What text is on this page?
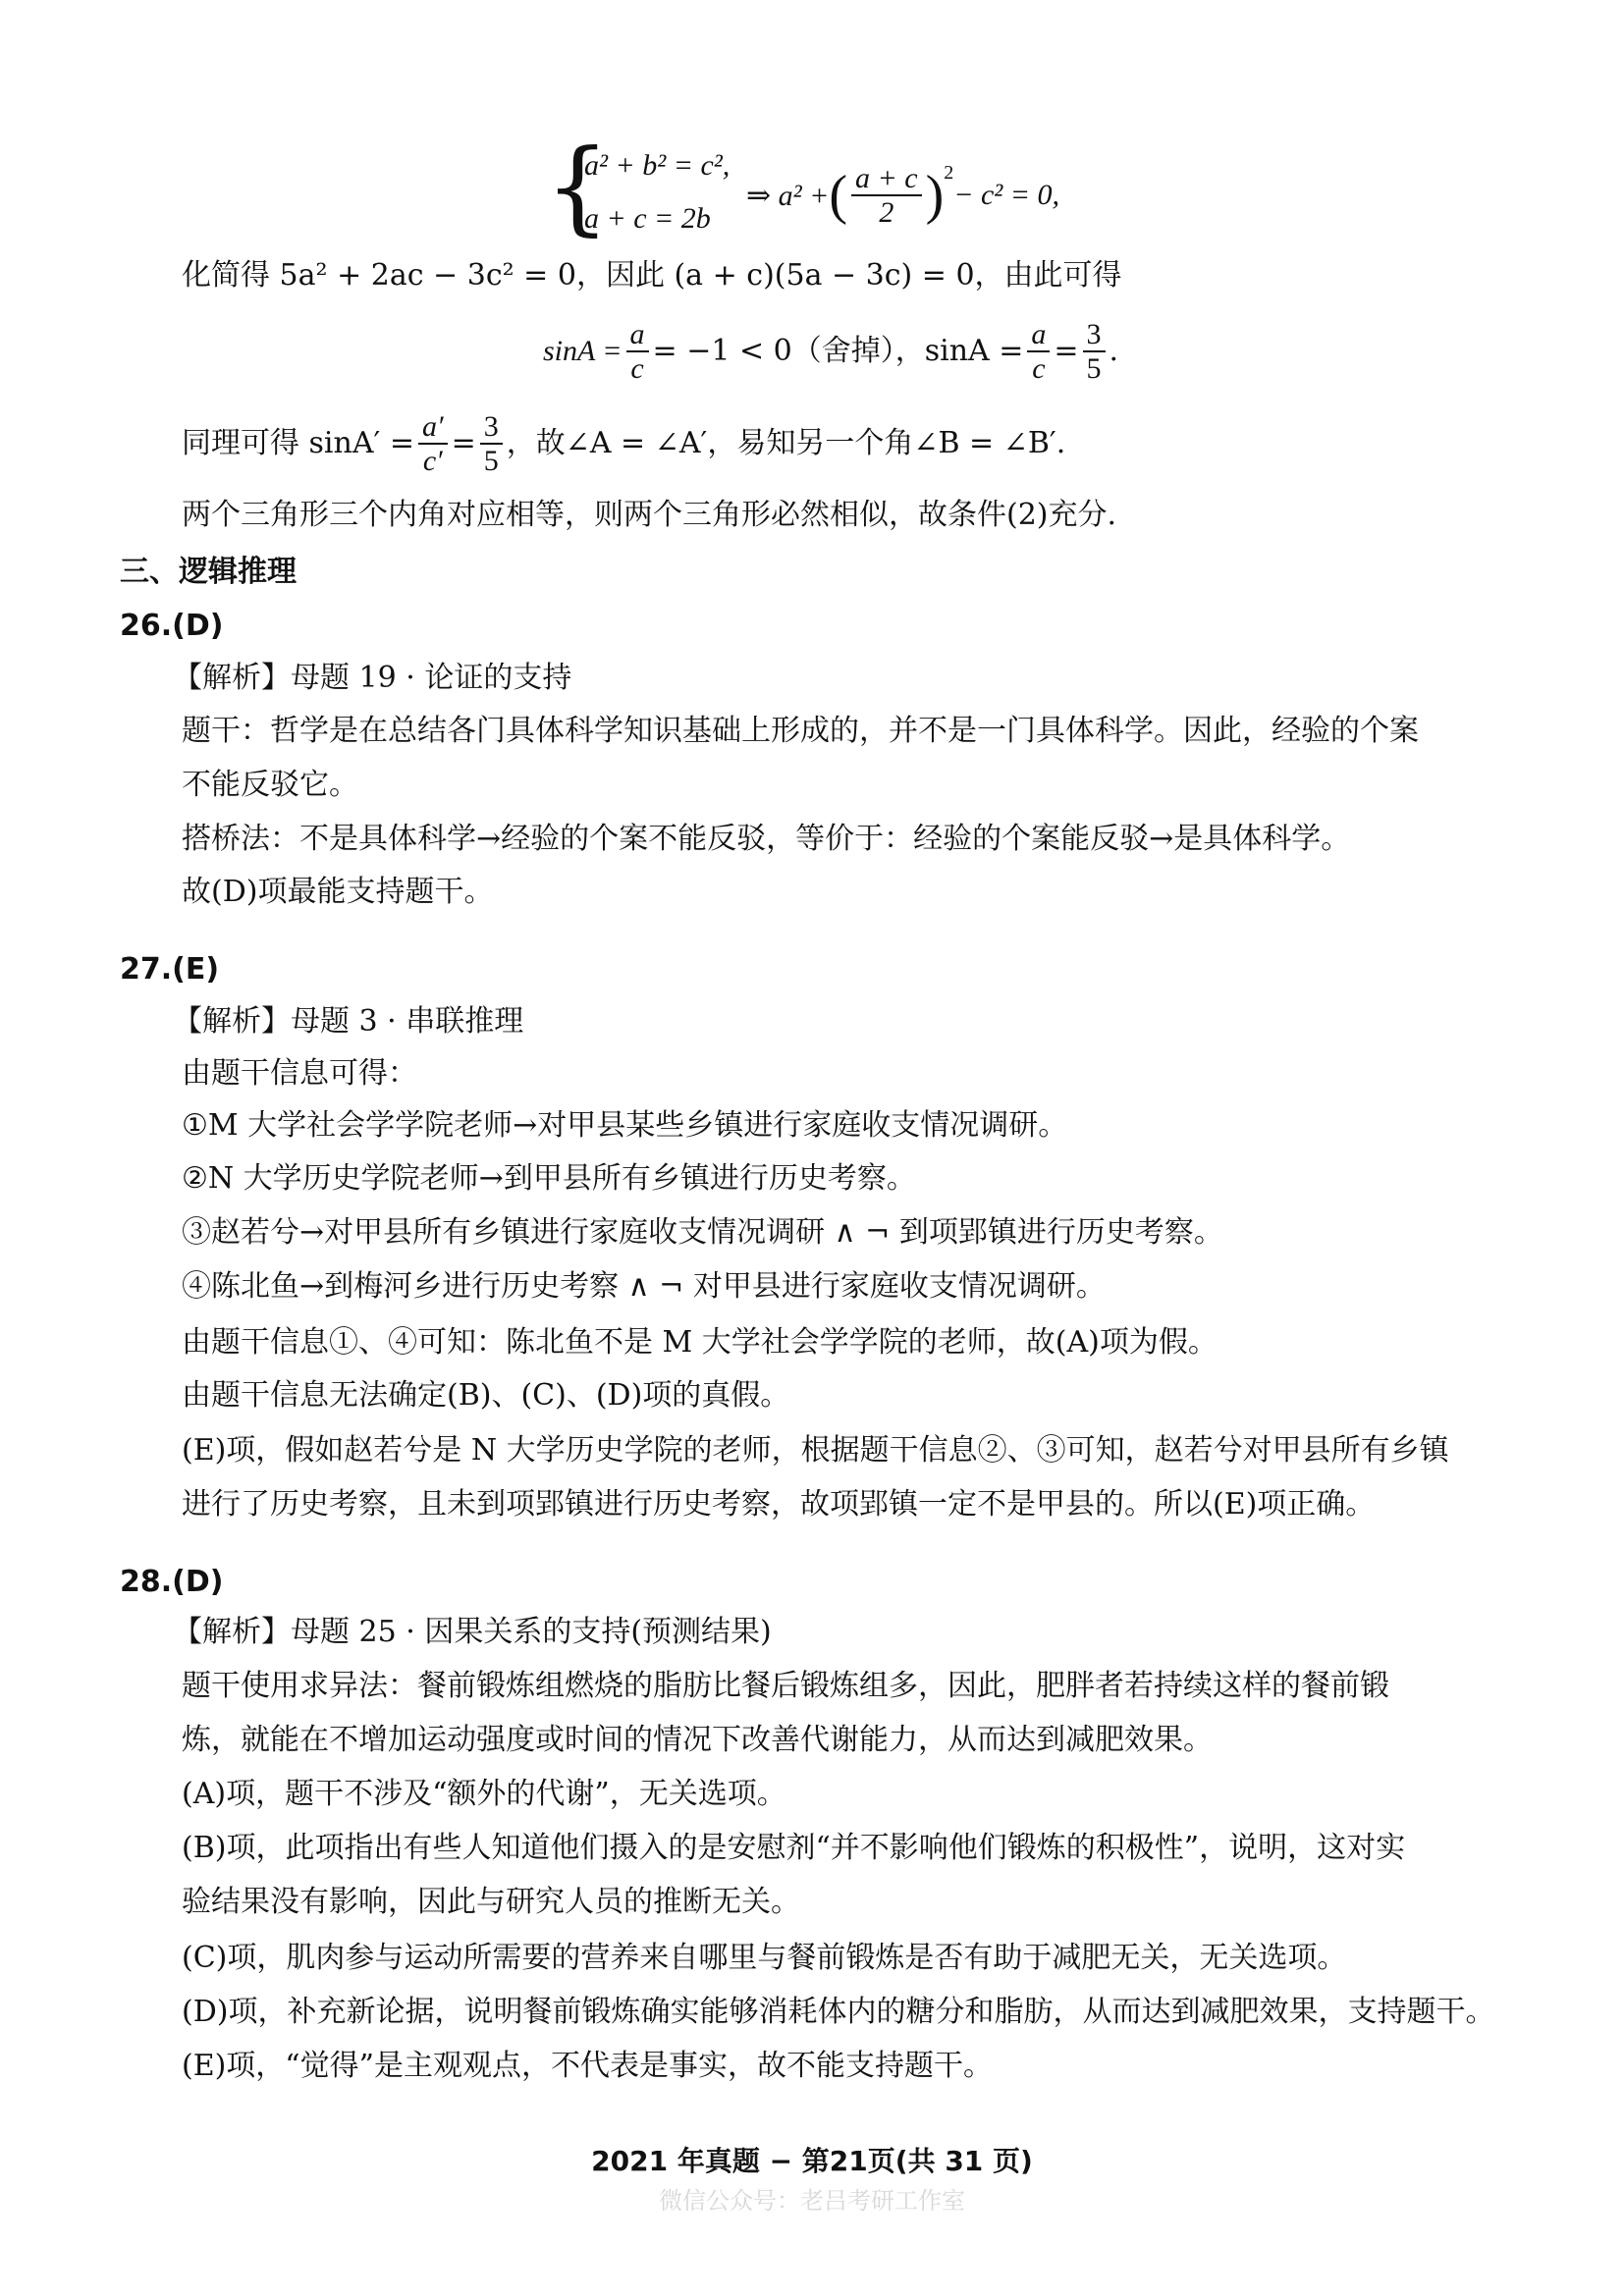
{
a² + b² = c²,
a + c = 2b
⇒ a² + ( $\frac{a + c}{2} )^2$
− c² = 0,
化简得 5a² + 2ac − 3c² = 0，因此 (a + c)(5a − 3c) = 0，由此可得
$\sin A = \frac{a}{c} = -1 < 0$（舍掉），$\sin A = \frac{a}{c} = \frac{3}{5}$ .
同理可得 $\sin A' = \frac{a'}{c'} = \frac{3}{5}$ ，故∠A = ∠A′，易知另一个角∠B = ∠B′.
两个三角形三个内角对应相等，则两个三角形必然相似，故条件(2)充分.
三、逻辑推理
26.(D)
【解析】母题 19 · 论证的支持
题干：哲学是在总结各门具体科学知识基础上形成的，并不是一门具体科学。因此，经验的个案
不能反驳它。
搭桥法：不是具体科学→经验的个案不能反驳，等价于：经验的个案能反驳→是具体科学。
故(D)项最能支持题干。
27.(E)
【解析】母题 3 · 串联推理
由题干信息可得：
①M 大学社会学学院老师→对甲县某些乡镇进行家庭收支情况调研。
②N 大学历史学院老师→到甲县所有乡镇进行历史考察。
③赵若兮→对甲县所有乡镇进行家庭收支情况调研 ∧ ¬ 到项郢镇进行历史考察。
④陈北鱼→到梅河乡进行历史考察 ∧ ¬ 对甲县进行家庭收支情况调研。
由题干信息①、④可知：陈北鱼不是 M 大学社会学学院的老师，故(A)项为假。
由题干信息无法确定(B)、(C)、(D)项的真假。
(E)项，假如赵若兮是 N 大学历史学院的老师，根据题干信息②、③可知，赵若兮对甲县所有乡镇
进行了历史考察，且未到项郢镇进行历史考察，故项郢镇一定不是甲县的。所以(E)项正确。
28.(D)
【解析】母题 25 · 因果关系的支持(预测结果)
题干使用求异法：餐前锻炼组燃烧的脂肪比餐后锻炼组多，因此，肥胖者若持续这样的餐前锻
炼，就能在不增加运动强度或时间的情况下改善代谢能力，从而达到减肥效果。
(A)项，题干不涉及“额外的代谢”，无关选项。
(B)项，此项指出有些人知道他们摄入的是安慰剂“并不影响他们锻炼的积极性”，说明，这对实
验结果没有影响，因此与研究人员的推断无关。
(C)项，肌肉参与运动所需要的营养来自哪里与餐前锻炼是否有助于减肥无关，无关选项。
(D)项，补充新论据，说明餐前锻炼确实能够消耗体内的糖分和脂肪，从而达到减肥效果，支持题干。
(E)项，“觉得”是主观观点，不代表是事实，故不能支持题干。
2021 年真题 − 第21页(共 31 页)
微信公众号：老吕考研工作室
